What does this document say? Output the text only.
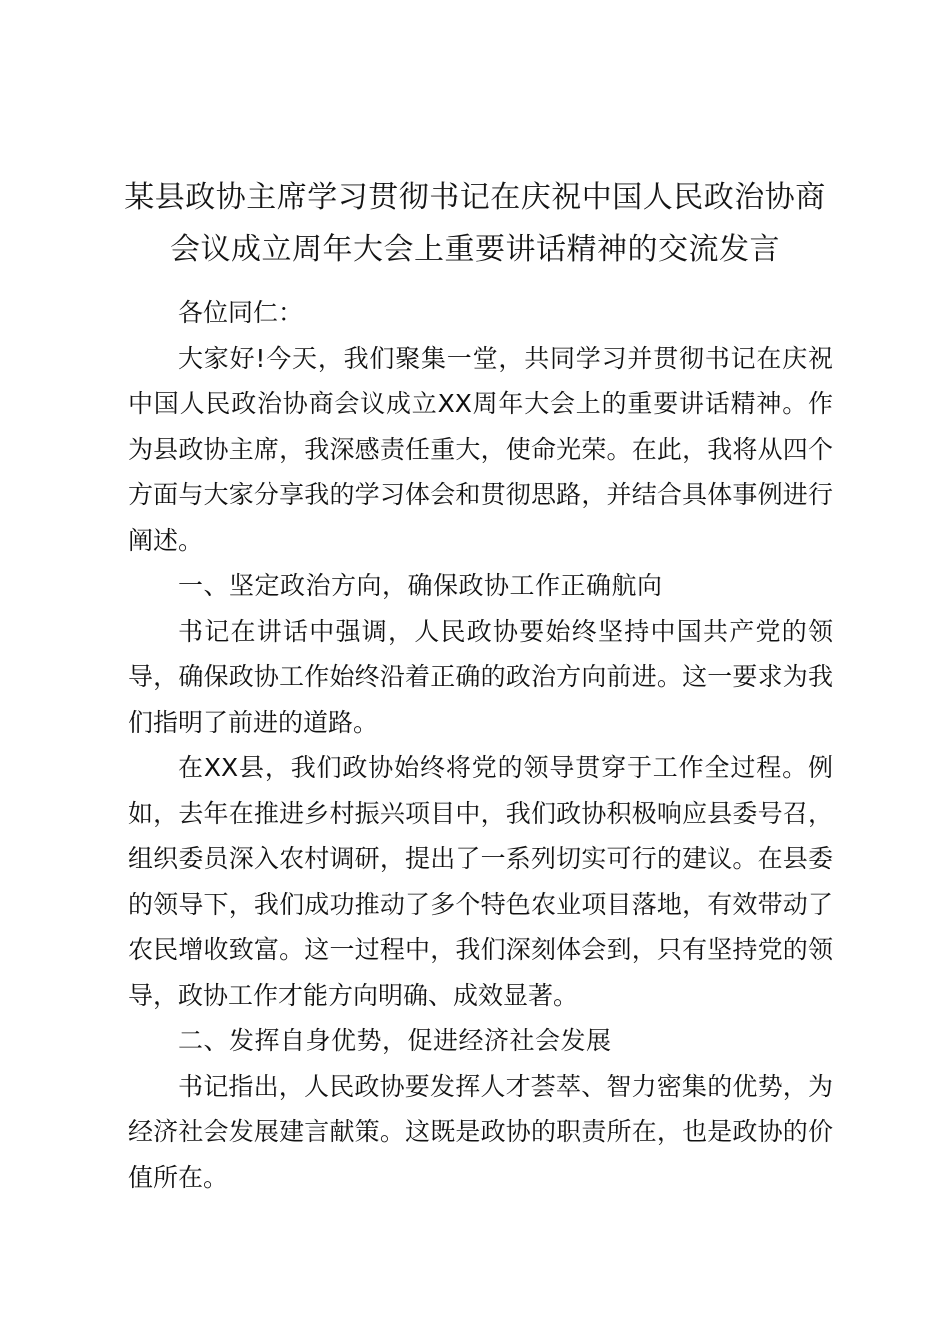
某县政协主席学习贯彻书记在庆祝中国人民政治协商会议成立周年大会上重要讲话精神的交流发言

各位同仁：

大家好!今天，我们聚集一堂，共同学习并贯彻书记在庆祝中国人民政治协商会议成立XX周年大会上的重要讲话精神。作为县政协主席，我深感责任重大，使命光荣。在此，我将从四个方面与大家分享我的学习体会和贯彻思路，并结合具体事例进行阐述。

一、坚定政治方向，确保政协工作正确航向

书记在讲话中强调，人民政协要始终坚持中国共产党的领导，确保政协工作始终沿着正确的政治方向前进。这一要求为我们指明了前进的道路。

在XX县，我们政协始终将党的领导贯穿于工作全过程。例如，去年在推进乡村振兴项目中，我们政协积极响应县委号召，组织委员深入农村调研，提出了一系列切实可行的建议。在县委的领导下，我们成功推动了多个特色农业项目落地，有效带动了农民增收致富。这一过程中，我们深刻体会到，只有坚持党的领导，政协工作才能方向明确、成效显著。

二、发挥自身优势，促进经济社会发展

书记指出，人民政协要发挥人才荟萃、智力密集的优势，为经济社会发展建言献策。这既是政协的职责所在，也是政协的价值所在。
